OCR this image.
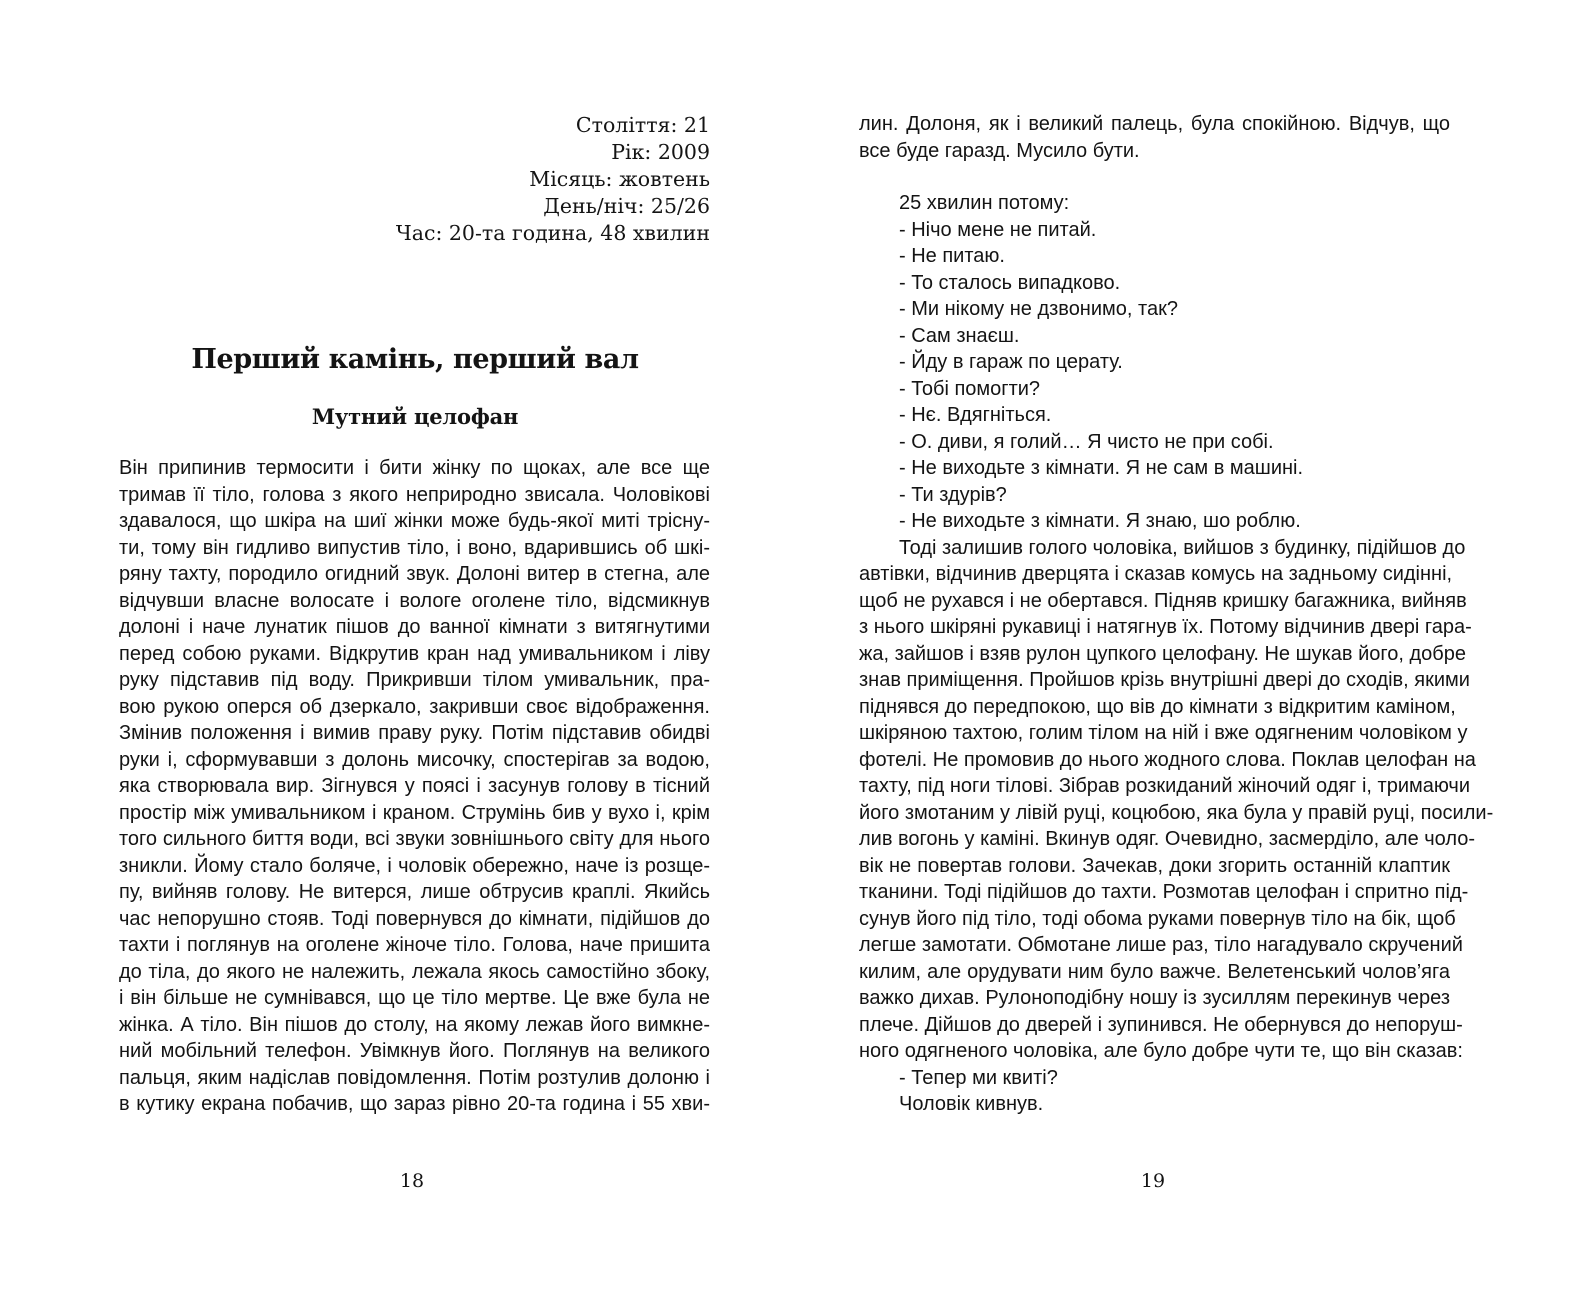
Століття: 21
Рік: 2009
Місяць: жовтень
День/ніч: 25/26
Час: 20-та година, 48 хвилин
Перший камінь, перший вал
Мутний целофан
Він припинив термосити і бити жінку по щоках, але все ще
тримав її тіло, голова з якого неприродно звисала. Чоловікові
здавалося, що шкіра на шиї жінки може будь-якої миті трісну-
ти, тому він гидливо випустив тіло, і воно, вдарившись об шкі-
ряну тахту, породило огидний звук. Долоні витер в стегна, але
відчувши власне волосате і вологе оголене тіло, відсмикнув
долоні і наче лунатик пішов до ванної кімнати з витягнутими
перед собою руками. Відкрутив кран над умивальником і ліву
руку підставив під воду. Прикривши тілом умивальник, пра-
вою рукою оперся об дзеркало, закривши своє відображення.
Змінив положення і вимив праву руку. Потім підставив обидві
руки і, сформувавши з долонь мисочку, спостерігав за водою,
яка створювала вир. Зігнувся у поясі і засунув голову в тісний
простір між умивальником і краном. Струмінь бив у вухо і, крім
того сильного биття води, всі звуки зовнішнього світу для нього
зникли. Йому стало боляче, і чоловік обережно, наче із розще-
пу, вийняв голову. Не витерся, лише обтрусив краплі. Якийсь
час непорушно стояв. Тоді повернувся до кімнати, підійшов до
тахти і поглянув на оголене жіноче тіло. Голова, наче пришита
до тіла, до якого не належить, лежала якось самостійно збоку,
і він більше не сумнівався, що це тіло мертве. Це вже була не
жінка. А тіло. Він пішов до столу, на якому лежав його вимкне-
ний мобільний телефон. Увімкнув його. Поглянув на великого
пальця, яким надіслав повідомлення. Потім розтулив долоню і
в кутику екрана побачив, що зараз рівно 20-та година і 55 хви-
18
лин. Долоня, як і великий палець, була спокійною. Відчув, що
все буде гаразд. Мусило бути.
25 хвилин потому:
- Нічо мене не питай.
- Не питаю.
- То сталось випадково.
- Ми нікому не дзвонимо, так?
- Сам знаєш.
- Йду в гараж по церату.
- Тобі помогти?
- Нє. Вдягніться.
- О. диви, я голий… Я чисто не при собі.
- Не виходьте з кімнати. Я не сам в машині.
- Ти здурів?
- Не виходьте з кімнати. Я знаю, шо роблю.
Тоді залишив голого чоловіка, вийшов з будинку, підійшов до
автівки, відчинив дверцята і сказав комусь на задньому сидінні,
щоб не рухався і не обертався. Підняв кришку багажника, вийняв
з нього шкіряні рукавиці і натягнув їх. Потому відчинив двері гара-
жа, зайшов і взяв рулон цупкого целофану. Не шукав його, добре
знав приміщення. Пройшов крізь внутрішні двері до сходів, якими
піднявся до передпокою, що вів до кімнати з відкритим каміном,
шкіряною тахтою, голим тілом на ній і вже одягненим чоловіком у
фотелі. Не промовив до нього жодного слова. Поклав целофан на
тахту, під ноги тілові. Зібрав розкиданий жіночий одяг і, тримаючи
його змотаним у лівій руці, коцюбою, яка була у правій руці, посили-
лив вогонь у каміні. Вкинув одяг. Очевидно, засмерділо, але чоло-
вік не повертав голови. Зачекав, доки згорить останній клаптик
тканини. Тоді підійшов до тахти. Розмотав целофан і спритно під-
сунув його під тіло, тоді обома руками повернув тіло на бік, щоб
легше замотати. Обмотане лише раз, тіло нагадувало скручений
килим, але орудувати ним було важче. Велетенський чолов’яга
важко дихав. Рулоноподібну ношу із зусиллям перекинув через
плече. Дійшов до дверей і зупинився. Не обернувся до непоруш-
ного одягненого чоловіка, але було добре чути те, що він сказав:
- Тепер ми квиті?
Чоловік кивнув.
19
